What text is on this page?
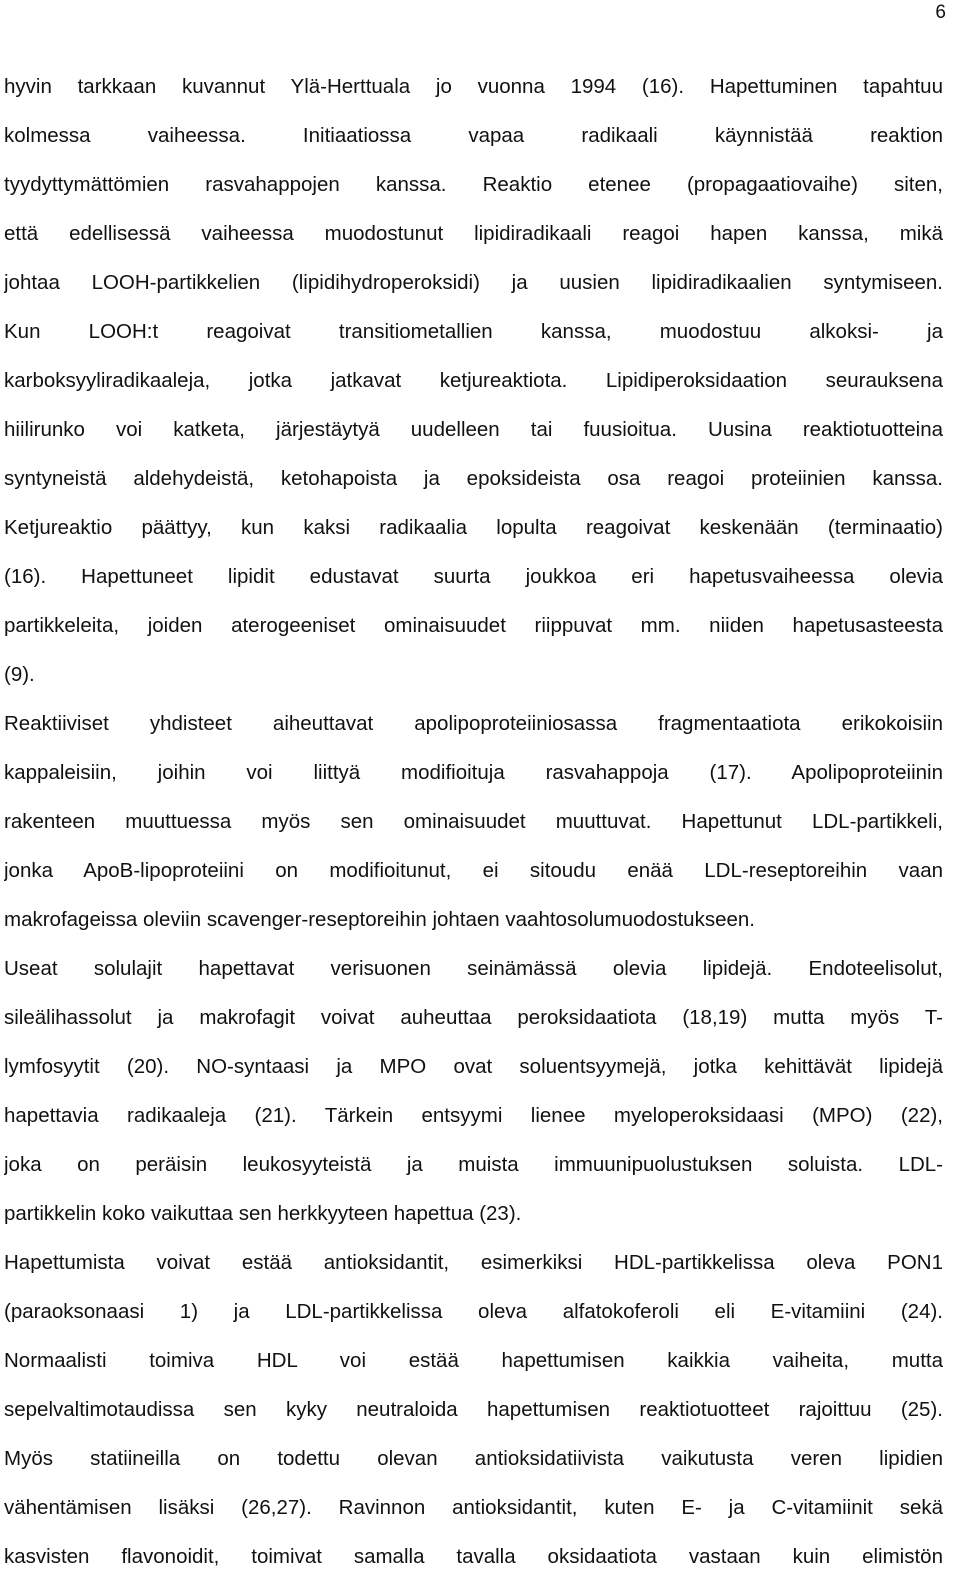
6
hyvin tarkkaan kuvannut Ylä-Herttuala jo vuonna 1994 (16). Hapettuminen tapahtuu
kolmessa vaiheessa. Initiaatiossa vapaa radikaali käynnistää reaktion
tyydyttymättömien rasvahappojen kanssa. Reaktio etenee (propagaatiovaihe) siten,
että edellisessä vaiheessa muodostunut lipidiradikaali reagoi hapen kanssa, mikä
johtaa LOOH-partikkelien (lipidihydroperoksidi) ja uusien lipidiradikaalien syntymiseen.
Kun LOOH:t reagoivat transitiometallien kanssa, muodostuu alkoksi- ja
karboksyyliradikaaleja, jotka jatkavat ketjureaktiota. Lipidiperoksidaation seurauksena
hiilirunko voi katketa, järjestäytyä uudelleen tai fuusioitua. Uusina reaktiotuotteina
syntyneistä aldehydeistä, ketohapoista ja epoksideista osa reagoi proteiinien kanssa.
Ketjureaktio päättyy, kun kaksi radikaalia lopulta reagoivat keskenään (terminaatio)
(16). Hapettuneet lipidit edustavat suurta joukkoa eri hapetusvaiheessa olevia
partikkeleita, joiden aterogeeniset ominaisuudet riippuvat mm. niiden hapetusasteesta
(9).
Reaktiiviset yhdisteet aiheuttavat apolipoproteiiniosassa fragmentaatiota erikokoisiin
kappaleisiin, joihin voi liittyä modifioituja rasvahappoja (17). Apolipoproteiinin
rakenteen muuttuessa myös sen ominaisuudet muuttuvat. Hapettunut LDL-partikkeli,
jonka ApoB-lipoproteiini on modifioitunut, ei sitoudu enää LDL-reseptoreihin vaan
makrofageissa oleviin scavenger-reseptoreihin johtaen vaahtosolumuodostukseen.
Useat solulajit hapettavat verisuonen seinämässä olevia lipidejä. Endoteelisolut,
sileälihassolut ja makrofagit voivat auheuttaa peroksidaatiota (18,19) mutta myös T-
lymfosyytit (20). NO-syntaasi ja MPO ovat soluentsyymejä, jotka kehittävät lipidejä
hapettavia radikaaleja (21). Tärkein entsyymi lienee myeloperoksidaasi (MPO) (22),
joka on peräisin leukosyyteistä ja muista immuunipuolustuksen soluista. LDL-
partikkelin koko vaikuttaa sen herkkyyteen hapettua (23).
Hapettumista voivat estää antioksidantit, esimerkiksi HDL-partikkelissa oleva PON1
(paraoksonaasi 1) ja LDL-partikkelissa oleva alfatokoferoli eli E-vitamiini (24).
Normaalisti toimiva HDL voi estää hapettumisen kaikkia vaiheita, mutta
sepelvaltimotaudissa sen kyky neutraloida hapettumisen reaktiotuotteet rajoittuu (25).
Myös statiineilla on todettu olevan antioksidatiivista vaikutusta veren lipidien
vähentämisen lisäksi (26,27). Ravinnon antioksidantit, kuten E- ja C-vitamiinit sekä
kasvisten flavonoidit, toimivat samalla tavalla oksidaatiota vastaan kuin elimistön
